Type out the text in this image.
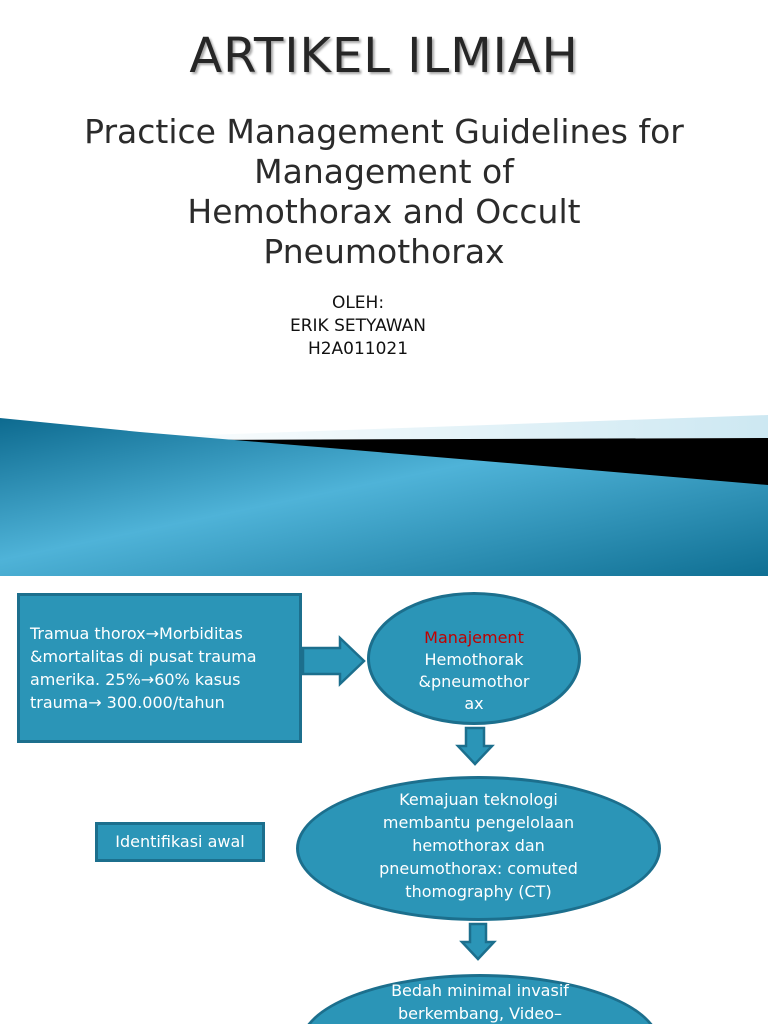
ARTIKEL ILMIAH
Practice Management Guidelines for
Management of
Hemothorax and Occult
Pneumothorax
OLEH:
ERIK SETYAWAN
H2A011021
Tramua thorox→Morbiditas
&mortalitas di pusat trauma
amerika. 25%→60% kasus
trauma→ 300.000/tahun
Identifikasi awal
Manajement
Hemothorak
&pneumothor
ax
Kemajuan teknologi
membantu pengelolaan
hemothorax dan
pneumothorax: comuted
thomography (CT)
Bedah minimal invasif
berkembang, Video–
